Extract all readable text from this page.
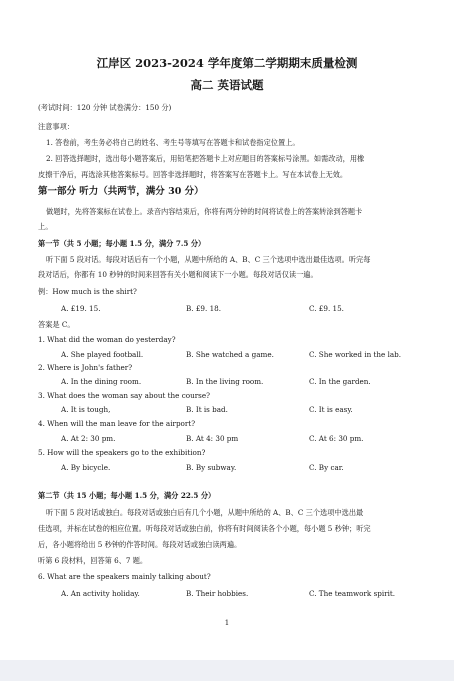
江岸区 2023-2024 学年度第二学期期末质量检测
高二 英语试题
(考试时间：120 分钟 试卷满分：150 分)
注意事项：
1. 答卷前，考生务必将自己的姓名、考生号等填写在答题卡和试卷指定位置上。
2. 回答选择题时，选出每小题答案后，用铅笔把答题卡上对应题目的答案标号涂黑。如需改动，用橡
皮擦干净后，再选涂其他答案标号。回答非选择题时，将答案写在答题卡上。写在本试卷上无效。
第一部分 听力（共两节，满分 30 分）
做题时，先将答案标在试卷上。录音内容结束后，你将有两分钟的时间将试卷上的答案转涂到答题卡
上。
第一节（共 5 小题；每小题 1.5 分，满分 7.5 分）
听下面 5 段对话。每段对话后有一个小题，从题中所给的 A、B、C 三个选项中选出最佳选项。听完每
段对话后，你都有 10 秒钟的时间来回答有关小题和阅读下一小题。每段对话仅读一遍。
例：How much is the shirt?
A. £19. 15.	B. £9. 18.	C. £9. 15.
答案是 C。
1. What did the woman do yesterday?
A. She played football.	B. She watched a game.	C. She worked in the lab.
2. Where is John's father?
A. In the dining room.	B. In the living room.	C. In the garden.
3. What does the woman say about the course?
A. It is tough,	B. It is bad.	C. It is easy.
4. When will the man leave for the airport?
A. At 2: 30 pm.	B. At 4: 30 pm	C. At 6: 30 pm.
5. How will the speakers go to the exhibition?
A. By bicycle.	B. By subway.	C. By car.
第二节（共 15 小题；每小题 1.5 分，满分 22.5 分）
听下面 5 段对话或独白。每段对话或独白后有几个小题，从题中所给的 A、B、C 三个选项中选出最
佳选项，并标在试卷的相应位置。听每段对话或独白前，你将有时间阅读各个小题，每小题 5 秒钟；听完
后，各小题将给出 5 秒钟的作答时间。每段对话或独白读两遍。
听第 6 段材料，回答第 6、7 题。
6. What are the speakers mainly talking about?
A. An activity holiday.	B. Their hobbies.	C. The teamwork spirit.
1
